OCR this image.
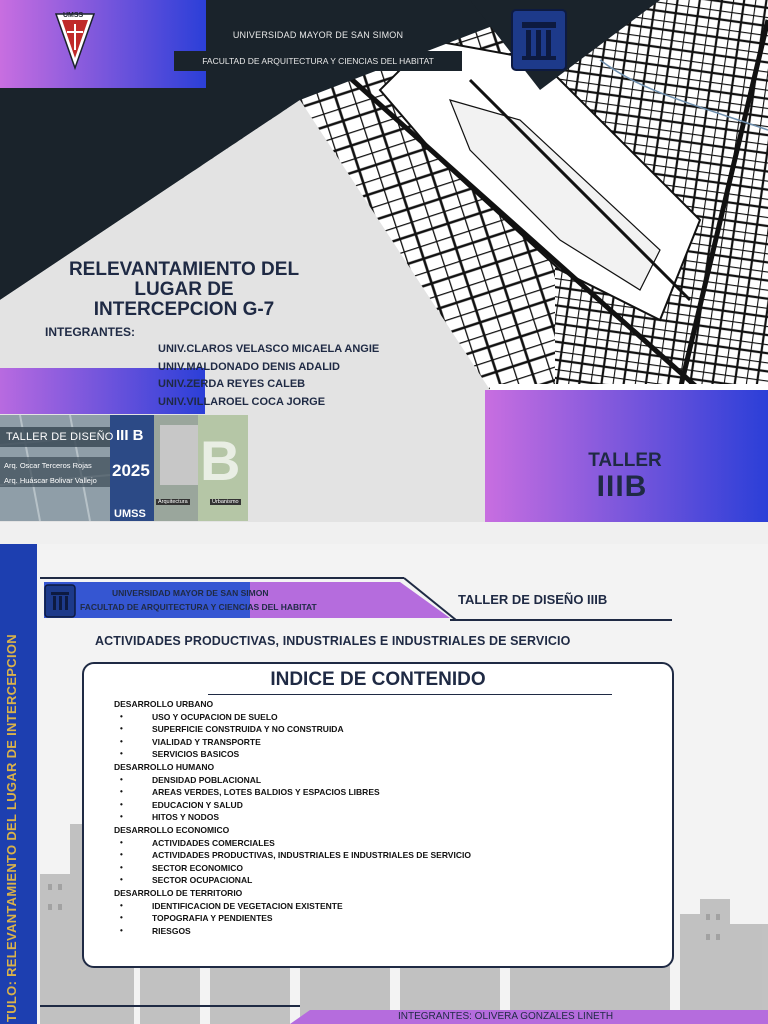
UMSS
UNIVERSIDAD MAYOR DE SAN SIMON
FACULTAD DE ARQUITECTURA Y CIENCIAS DEL HABITAT
RELEVANTAMIENTO DEL
LUGAR DE
INTERCEPCION G-7
INTEGRANTES:
UNIV.CLAROS VELASCO MICAELA ANGIE
UNIV.MALDONADO DENIS ADALID
UNIV.ZERDA REYES CALEB
UNIV.VILLAROEL COCA JORGE
B
TALLER DE DISEÑO III B
Arq. Oscar Terceros Rojas
Arq. Huáscar Bolivar Vallejo
2025
UMSS
Arquitectura	Urbanismo
TALLER
IIIB
TULO: RELEVANTAMIENTO DEL LUGAR DE INTERCEPCION
UNIVERSIDAD MAYOR DE SAN SIMON
FACULTAD DE ARQUITECTURA Y CIENCIAS DEL HABITAT	TALLER DE DISEÑO IIIB
ACTIVIDADES PRODUCTIVAS, INDUSTRIALES E INDUSTRIALES DE SERVICIO
INDICE DE CONTENIDO
DESARROLLO URBANO
• USO Y OCUPACION DE SUELO
• SUPERFICIE CONSTRUIDA Y NO CONSTRUIDA
• VIALIDAD Y TRANSPORTE
• SERVICIOS BASICOS
DESARROLLO HUMANO
• DENSIDAD POBLACIONAL
• AREAS VERDES, LOTES BALDIOS Y ESPACIOS LIBRES
• EDUCACION Y SALUD
• HITOS Y NODOS
DESARROLLO ECONOMICO
• ACTIVIDADES COMERCIALES
• ACTIVIDADES PRODUCTIVAS, INDUSTRIALES E INDUSTRIALES DE SERVICIO
• SECTOR ECONOMICO
• SECTOR OCUPACIONAL
DESARROLLO DE TERRITORIO
• IDENTIFICACION DE VEGETACION EXISTENTE
• TOPOGRAFIA Y PENDIENTES
• RIESGOS
INTEGRANTES: OLIVERA GONZALES LINETH
